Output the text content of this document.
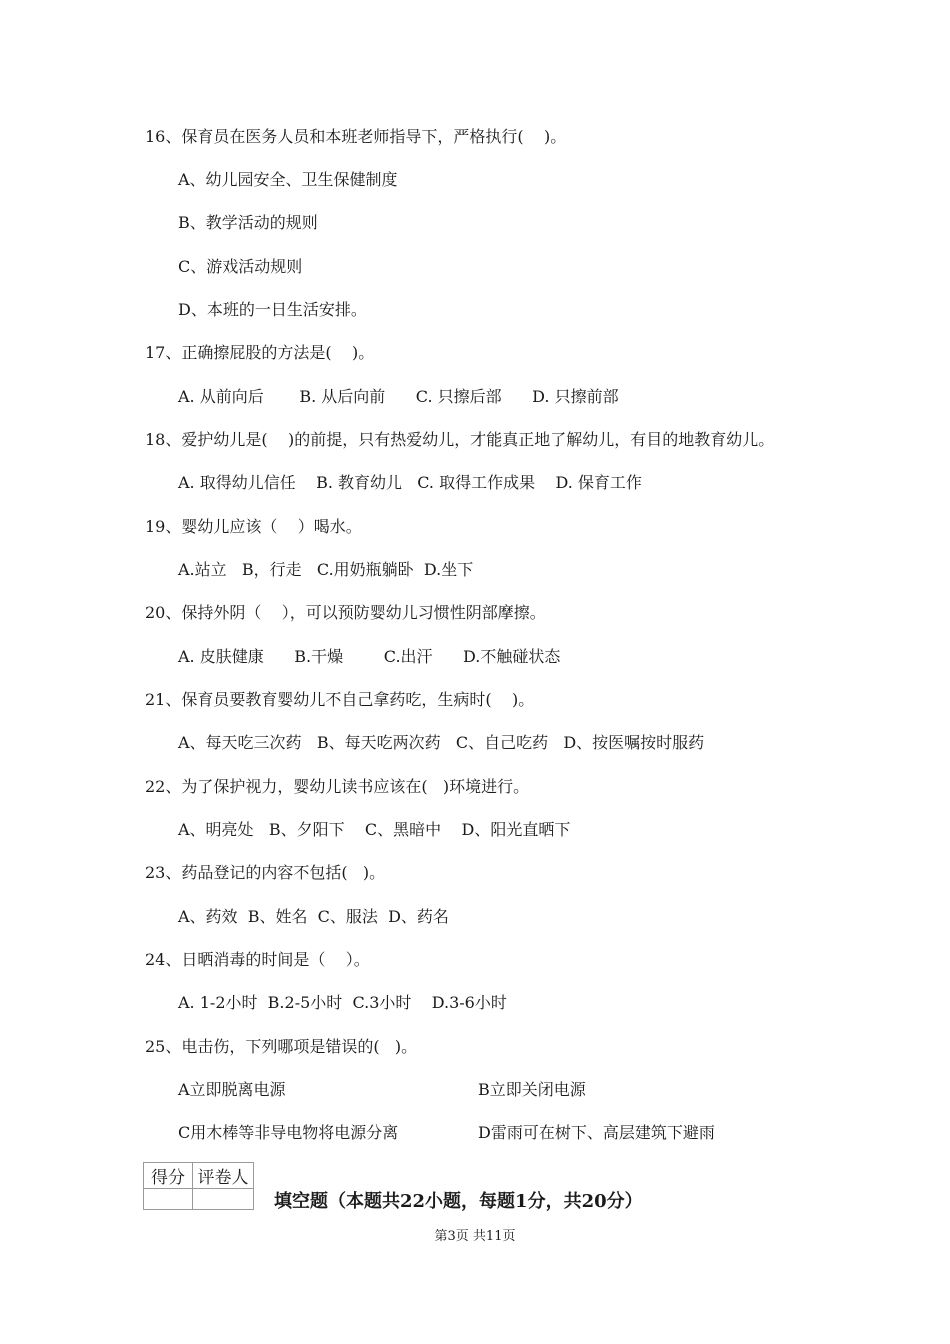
16、保育员在医务人员和本班老师指导下，严格执行(    )。
A、幼儿园安全、卫生保健制度
B、教学活动的规则
C、游戏活动规则
D、本班的一日生活安排。
17、正确擦屁股的方法是(    )。
A. 从前向后       B. 从后向前      C. 只擦后部      D. 只擦前部
18、爱护幼儿是(    )的前提，只有热爱幼儿，才能真正地了解幼儿，有目的地教育幼儿。
A. 取得幼儿信任    B. 教育幼儿   C. 取得工作成果    D. 保育工作
19、婴幼儿应该（    ）喝水。
A.站立   B，行走   C.用奶瓶躺卧  D.坐下
20、保持外阴（    ），可以预防婴幼儿习惯性阴部摩擦。
A. 皮肤健康      B.干燥        C.出汗      D.不触碰状态
21、保育员要教育婴幼儿不自己拿药吃，生病时(    )。
A、每天吃三次药   B、每天吃两次药   C、自己吃药   D、按医嘱按时服药
22、为了保护视力，婴幼儿读书应该在(   )环境进行。
A、明亮处   B、夕阳下    C、黑暗中    D、阳光直晒下
23、药品登记的内容不包括(   )。
A、药效  B、姓名  C、服法  D、药名
24、日晒消毒的时间是（    ）。
A. 1-2小时  B.2-5小时  C.3小时    D.3-6小时
25、电击伤，下列哪项是错误的(   )。
A立即脱离电源	B立即关闭电源
C用木棒等非导电物将电源分离	D雷雨可在树下、高层建筑下避雨
得分	评卷人

填空题（本题共22小题，每题1分，共20分）
第3页 共11页
